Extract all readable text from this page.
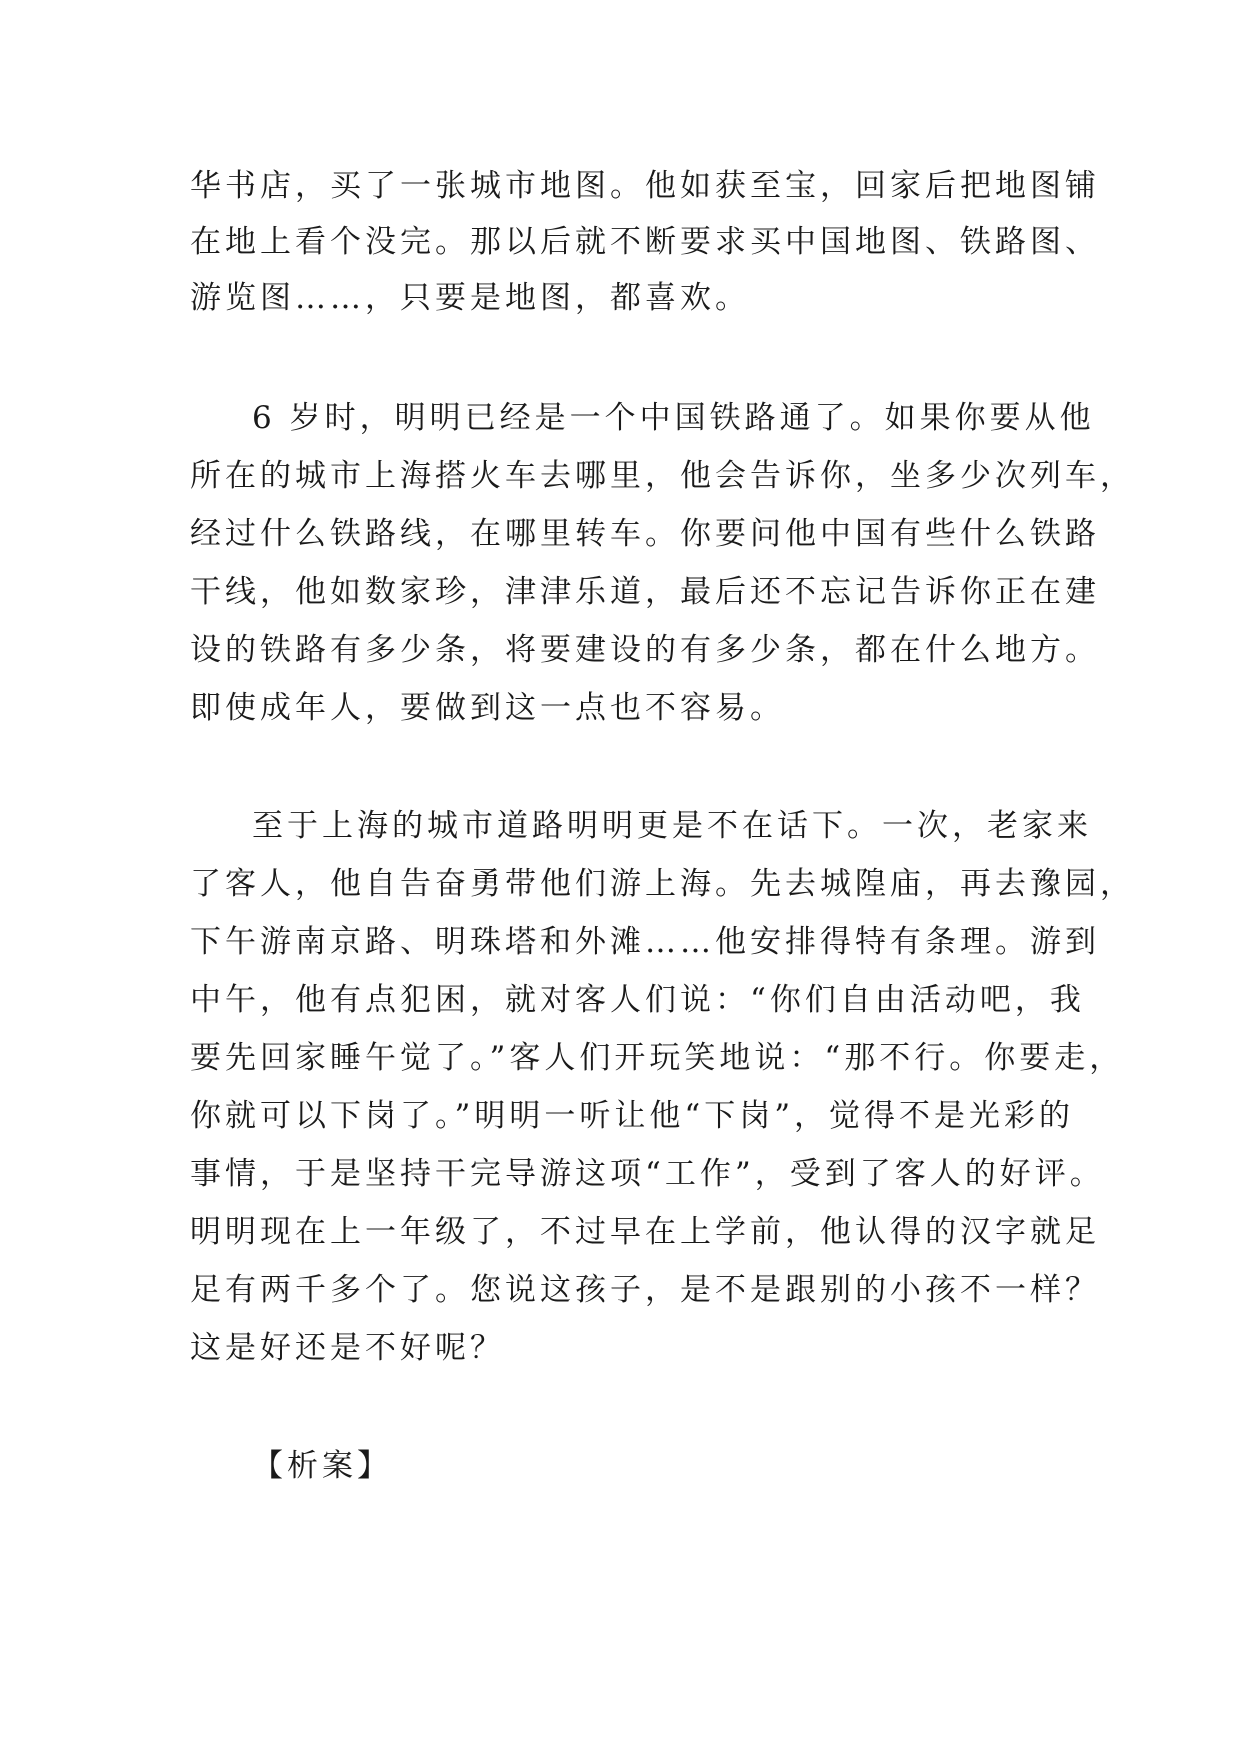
华书店，买了一张城市地图。他如获至宝，回家后把地图铺

在地上看个没完。那以后就不断要求买中国地图、铁路图、

游览图……，只要是地图，都喜欢。

6 岁时，明明已经是一个中国铁路通了。如果你要从他

所在的城市上海搭火车去哪里，他会告诉你，坐多少次列车，

经过什么铁路线，在哪里转车。你要问他中国有些什么铁路

干线，他如数家珍，津津乐道，最后还不忘记告诉你正在建

设的铁路有多少条，将要建设的有多少条，都在什么地方。

即使成年人，要做到这一点也不容易。

至于上海的城市道路明明更是不在话下。一次，老家来

了客人，他自告奋勇带他们游上海。先去城隍庙，再去豫园，

下午游南京路、明珠塔和外滩……他安排得特有条理。游到

中午，他有点犯困，就对客人们说：“你们自由活动吧，我

要先回家睡午觉了。”客人们开玩笑地说：“那不行。你要走，

你就可以下岗了。”明明一听让他“下岗”，觉得不是光彩的

事情，于是坚持干完导游这项“工作”，受到了客人的好评。

明明现在上一年级了，不过早在上学前，他认得的汉字就足

足有两千多个了。您说这孩子，是不是跟别的小孩不一样？

这是好还是不好呢？

【析案】
